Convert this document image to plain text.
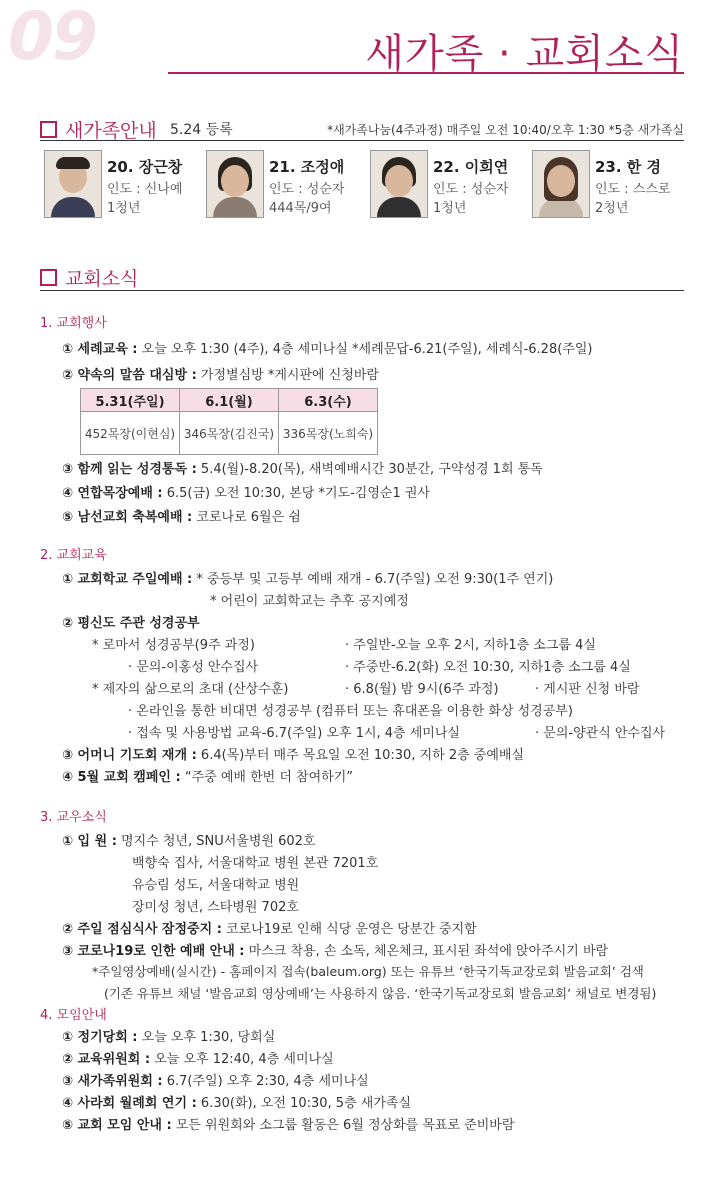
09	새가족 · 교회소식
새가족안내 5.24 등록	*새가족나눔(4주과정) 매주일 오전 10:40/오후 1:30 *5층 새가족실
20. 장근창
인도 : 신나예
1청년
21. 조정애
인도 : 성순자
444목/9여
22. 이희연
인도 : 성순자
1청년
23. 한 경
인도 : 스스로
2청년
교회소식
1. 교회행사
① 세례교육 : 오늘 오후 1:30 (4주), 4층 세미나실 *세례문답-6.21(주일), 세례식-6.28(주일)
② 약속의 말씀 대심방 : 가정별심방 *게시판에 신청바람
5.31(주일)	6.1(월)	6.3(수)
452목장(이현심)	346목장(김진국)	336목장(노희숙)
③ 함께 읽는 성경통독 : 5.4(월)-8.20(목), 새벽예배시간 30분간, 구약성경 1회 통독
④ 연합목장예배 : 6.5(금) 오전 10:30, 본당 *기도-김영순1 권사
⑤ 남선교회 축복예배 : 코로나로 6월은 쉼
2. 교회교육
① 교회학교 주일예배 : * 중등부 및 고등부 예배 재개 - 6.7(주일) 오전 9:30(1주 연기)
* 어린이 교회학교는 추후 공지예정
② 평신도 주관 성경공부
* 로마서 성경공부(9주 과정)	· 주일반-오늘 오후 2시, 지하1층 소그룹 4실
· 문의-이홍성 안수집사	· 주중반-6.2(화) 오전 10:30, 지하1층 소그룹 4실
* 제자의 삶으로의 초대 (산상수훈)	· 6.8(월) 밤 9시(6주 과정)	· 게시판 신청 바람
· 온라인을 통한 비대면 성경공부 (컴퓨터 또는 휴대폰을 이용한 화상 성경공부)
· 접속 및 사용방법 교육-6.7(주일) 오후 1시, 4층 세미나실	· 문의-양관식 안수집사
③ 어머니 기도회 재개 : 6.4(목)부터 매주 목요일 오전 10:30, 지하 2층 중예배실
④ 5월 교회 캠페인 : “주중 예배 한번 더 참여하기”
3. 교우소식
① 입 원 : 명지수 청년, SNU서울병원 602호
백향숙 집사, 서울대학교 병원 본관 7201호
유승림 성도, 서울대학교 병원
장미성 청년, 스타병원 702호
② 주일 점심식사 잠정중지 : 코로나19로 인해 식당 운영은 당분간 중지함
③ 코로나19로 인한 예배 안내 : 마스크 착용, 손 소독, 체온체크, 표시된 좌석에 앉아주시기 바람
*주일영상예배(실시간) - 홈페이지 접속(baleum.org) 또는 유튜브 ‘한국기독교장로회 발음교회’ 검색
(기존 유튜브 채널 ‘발음교회 영상예배’는 사용하지 않음. ‘한국기독교장로회 발음교회’ 채널로 변경됨)
4. 모임안내
① 정기당회 : 오늘 오후 1:30, 당회실
② 교육위원회 : 오늘 오후 12:40, 4층 세미나실
③ 새가족위원회 : 6.7(주일) 오후 2:30, 4층 세미나실
④ 사라회 월례회 연기 : 6.30(화), 오전 10:30, 5층 새가족실
⑤ 교회 모임 안내 : 모든 위원회와 소그룹 활동은 6월 정상화를 목표로 준비바람
